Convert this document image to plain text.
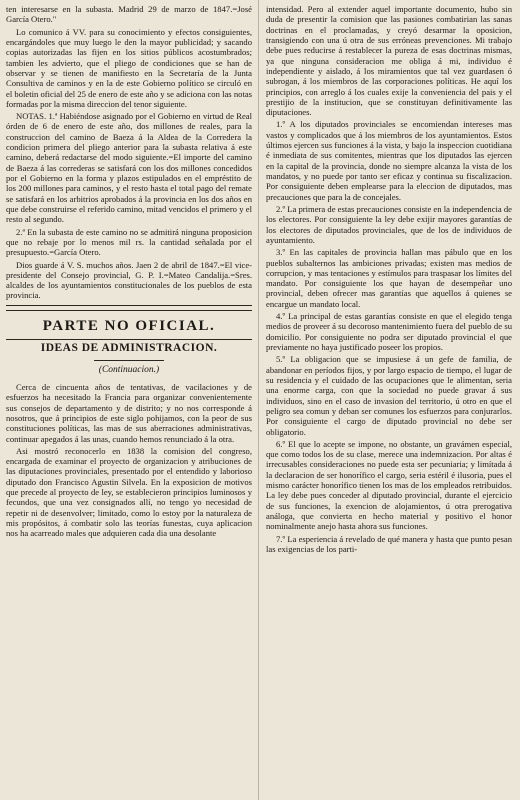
ten interesarse en la subasta. Madrid 29 de marzo de 1847.=José García Otero."

Lo comunico á VV. para su conocimiento y efectos consiguientes, encargándoles que muy luego le den la mayor publicidad; y sacando copias autorizadas las fijen en los sitios públicos acostumbrados; tambien les advierto, que el pliego de condiciones que se han de observar y se tienen de manifiesto en la Secretaría de la Junta Consultiva de caminos y en la de este Gobierno político se circuló en el boletin oficial del 25 de enero de este año y se adiciona con las notas formadas por la misma direccion del tenor siguiente.

NOTAS. 1.ª Habiéndose asignado por el Gobierno en virtud de Real órden de 6 de enero de este año, dos millones de reales, para la construccion del camino de Baeza á la Aldea de la Corredera la condicion primera del pliego anterior para la subasta relativa á este camino, deberá redactarse del modo siguiente.=El importe del camino de Baeza á las correderas se satisfará con los dos millones concedidos por el Gobierno en la forma y plazos estipulados en el empréstito de los 200 millones para caminos, y el resto hasta el total pago del remate se satisfará en los arbitrios aprobados á la provincia en los dos años en que debe construirse el referido camino, mitad vencidos el primero y el resto al segundo.

2.ª En la subasta de este camino no se admitirá ninguna proposicion que no rebaje por lo menos mil rs. la cantidad señalada por el presupuesto.=García Otero.

Dios guarde á V. S. muchos años. Jaen 2 de abril de 1847.=El vice-presidente del Consejo provincial, G. P. I.=Mateo Candalija.=Sres. alcaldes de los ayuntamientos constitucionales de los pueblos de esta provincia.

PARTE NO OFICIAL.
IDEAS DE ADMINISTRACION.
(Continuacion.)

Cerca de cincuenta años de tentativas, de vacilaciones y de esfuerzos ha necesitado la Francia para organizar convenientemente sus consejos de departamento y de distrito; y no nos corresponde á nosotros, que á principios de este siglo pohijamos, con la peor de sus constituciones políticas, las mas de sus aberraciones administrativas, continuar apegados á las unas, cuando hemos renunciado á la otra.

Asi mostró reconocerlo en 1838 la comision del congreso, encargada de examinar el proyecto de organizacion y atribuciones de las diputaciones provinciales, presentado por el entendido y laborioso diputado don Francisco Agustin Silvela. En la exposicion de motivos que precede al proyecto de ley, se establecieron principios luminosos y fecundos, que una vez consignados allí, no tengo yo necesidad de repetir ni de desenvolver; limitado, como lo estoy por la naturaleza de mis propósitos, á combatir solo las teorías funestas, cuya aplicacion nos ha acarreado males que adquieren cada dia una desolante

intensidad. Pero al extender aquel importante documento, hubo sin duda de presentir la comision que las pasiones combatirian las sanas doctrinas en el proclamadas, y creyó desarmar la oposicion, transigiendo con una ú otra de sus erróneas prevenciones. Mi trabajo debe pues reducirse á restablecer la pureza de esas doctrinas mismas, ya que ninguna consideracion me obliga á mi, individuo é independiente y aislado, á los miramientos que tal vez guardasen ó subrogan, á los miembros de las corporaciones políticas. He aquí los principios, con arreglo á los cuales exije la conveniencia del pais y el prestijio de la institucion, que se constituyan definitivamente las diputaciones.

1.º A los diputados provinciales se encomiendan intereses mas vastos y complicados que á los miembros de los ayuntamientos. Estos últimos ejercen sus funciones á la vista, y bajo la inspeccion cuotidiana é inmediata de sus comitentes, mientras que los diputados las ejercen en la capital de la provincia, donde no siempre alcanza la vista de los mandatos, y no puede por tanto ser eficaz y continua su fiscalizacion. Por consiguiente deben emplearse para la eleccion de diputados, mas precauciones que para la de concejales.

2.º La primera de estas precauciones consiste en la independencia de los electores. Por consiguiente la ley debe exijir mayores garantías de los electores de diputados provinciales, que de los de individuos de ayuntamiento.

3.º En las capitales de provincia hallan mas pábulo que en los pueblos subalternos las ambiciones privadas; existen mas medios de corrupcion, y mas tentaciones y estímulos para traspasar los límites del mandato. Por consiguiente los que hayan de desempeñar uno provincial, deben ofrecer mas garantías que aquellos á quienes se encargue un mandato local.

4.º La principal de estas garantías consiste en que el elegido tenga medios de proveer á su decoroso mantenimiento fuera del pueblo de su domicilio. Por consiguiente no podra ser diputado provincial el que previamente no haya justificado poseer los propios.

5.º La obligacion que se impusiese á un gefe de familia, de abandonar en períodos fijos, y por largo espacio de tiempo, el lugar de su residencia y el cuidado de las ocupaciones que le alimentan, seria una enorme carga, con que la sociedad no puede gravar á sus individuos, sino en el caso de invasion del territorio, ú otro en que el peligro sea comun y deban ser comunes los esfuerzos para conjurarlos. Por consiguiente el cargo de diputado provincial no debe ser obligatorio.

6.º El que lo acepte se impone, no obstante, un gravámen especial, que como todos los de su clase, merece una indemnizacion. Por altas é irrecusables consideraciones no puede esta ser pecuniaria; y limítada á la declaracion de ser honorífico el cargo, seria estéril é ilusoria, pues el mismo carácter honorífico tienen los mas de los empleados retribuidos. La ley debe pues conceder al diputado provincial, durante el ejercicio de sus funciones, la exencion de alojamientos, ú otra prerogativa análoga, que convierta en hecho material y positivo el honor nominalmente anejo hasta ahora sus funciones.

7.º La esperiencia á revelado de qué manera y hasta que punto pesan las exigencias de los parti-
